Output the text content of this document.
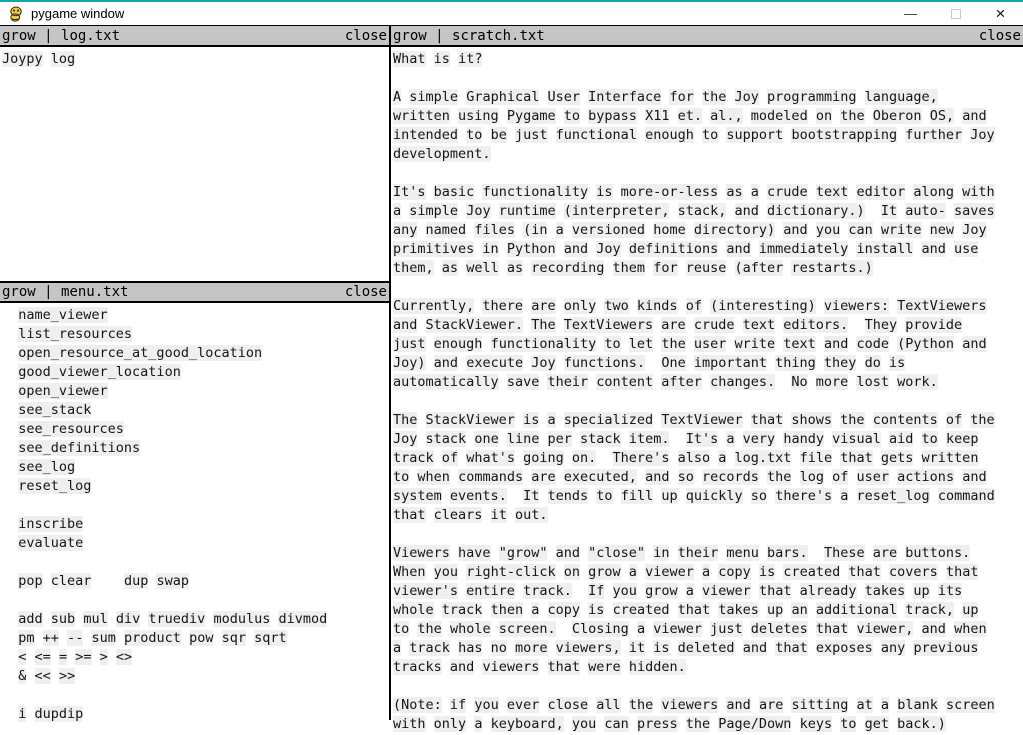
pygame window	—	×
grow | log.txt	close
Joypy log
grow | menu.txt	close
name_viewer
list_resources
open_resource_at_good_location
good_viewer_location
open_viewer
see_stack
see_resources
see_definitions
see_log
reset_log
inscribe
evaluate
pop clear dup swap
add sub mul div truediv modulus divmod
pm ++ -- sum product pow sqr sqrt
< <= = >= > <>
& << >>
i dupdip
grow | scratch.txt	close
What is it?
A simple Graphical User Interface for the Joy programming language,
written using Pygame to bypass X11 et. al., modeled on the Oberon OS, and
intended to be just functional enough to support bootstrapping further Joy
development.
It's basic functionality is more-or-less as a crude text editor along with
a simple Joy runtime (interpreter, stack, and dictionary.) It auto- saves
any named files (in a versioned home directory) and you can write new Joy
primitives in Python and Joy definitions and immediately install and use
them, as well as recording them for reuse (after restarts.)
Currently, there are only two kinds of (interesting) viewers: TextViewers
and StackViewer. The TextViewers are crude text editors. They provide
just enough functionality to let the user write text and code (Python and
Joy) and execute Joy functions. One important thing they do is
automatically save their content after changes. No more lost work.
The StackViewer is a specialized TextViewer that shows the contents of the
Joy stack one line per stack item. It's a very handy visual aid to keep
track of what's going on. There's also a log.txt file that gets written
to when commands are executed, and so records the log of user actions and
system events. It tends to fill up quickly so there's a reset_log command
that clears it out.
Viewers have "grow" and "close" in their menu bars. These are buttons.
When you right-click on grow a viewer a copy is created that covers that
viewer's entire track. If you grow a viewer that already takes up its
whole track then a copy is created that takes up an additional track, up
to the whole screen. Closing a viewer just deletes that viewer, and when
a track has no more viewers, it is deleted and that exposes any previous
tracks and viewers that were hidden.
(Note: if you ever close all the viewers and are sitting at a blank screen
with only a keyboard, you can press the Page/Down keys to get back.)
